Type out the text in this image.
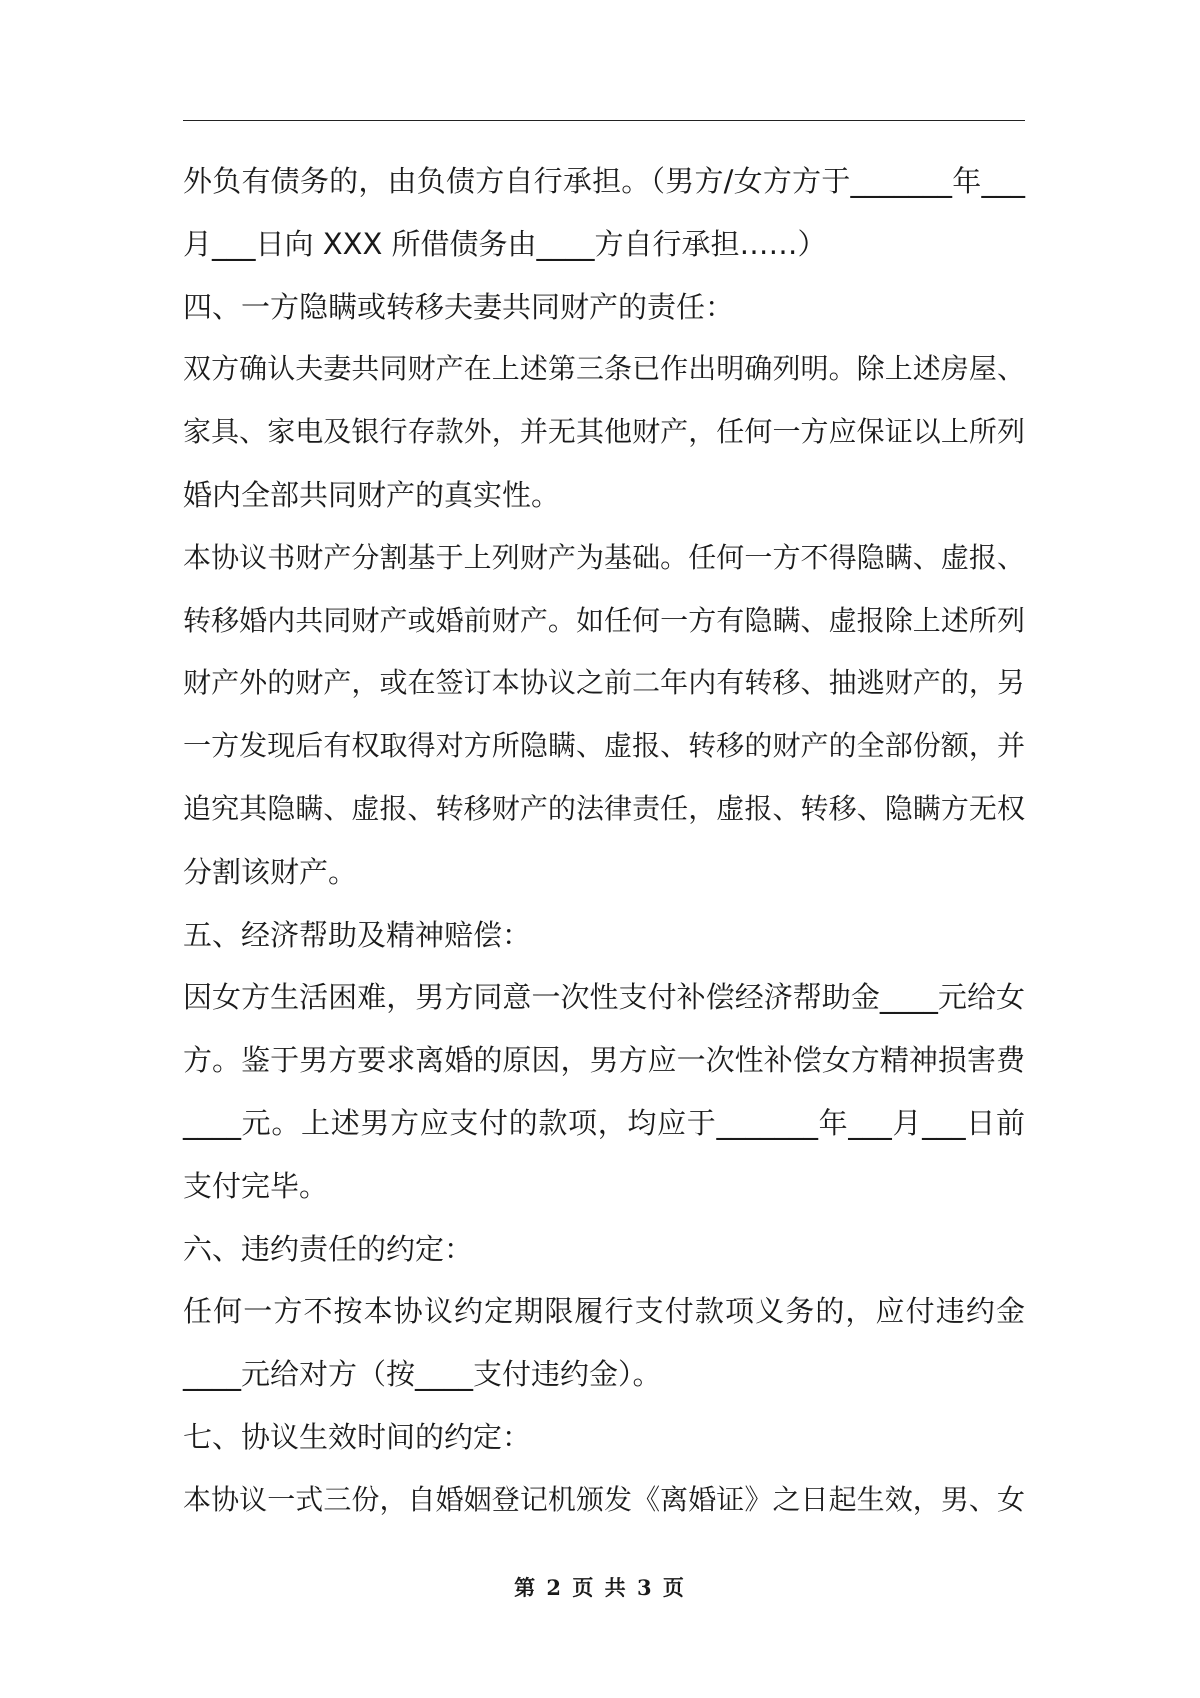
外负有债务的，由负债方自行承担。（男方/女方方于_______年___
月___日向 XXX 所借债务由____方自行承担……）
四、一方隐瞒或转移夫妻共同财产的责任：
双方确认夫妻共同财产在上述第三条已作出明确列明。除上述房屋、
家具、家电及银行存款外，并无其他财产，任何一方应保证以上所列
婚内全部共同财产的真实性。
本协议书财产分割基于上列财产为基础。任何一方不得隐瞒、虚报、
转移婚内共同财产或婚前财产。如任何一方有隐瞒、虚报除上述所列
财产外的财产，或在签订本协议之前二年内有转移、抽逃财产的，另
一方发现后有权取得对方所隐瞒、虚报、转移的财产的全部份额，并
追究其隐瞒、虚报、转移财产的法律责任，虚报、转移、隐瞒方无权
分割该财产。
五、经济帮助及精神赔偿：
因女方生活困难，男方同意一次性支付补偿经济帮助金____元给女
方。鉴于男方要求离婚的原因，男方应一次性补偿女方精神损害费
____元。上述男方应支付的款项，均应于_______年___月___日前
支付完毕。
六、违约责任的约定：
任何一方不按本协议约定期限履行支付款项义务的，应付违约金
____元给对方（按____支付违约金）。
七、协议生效时间的约定：
本协议一式三份，自婚姻登记机颁发《离婚证》之日起生效，男、女
第 2 页 共 3 页
